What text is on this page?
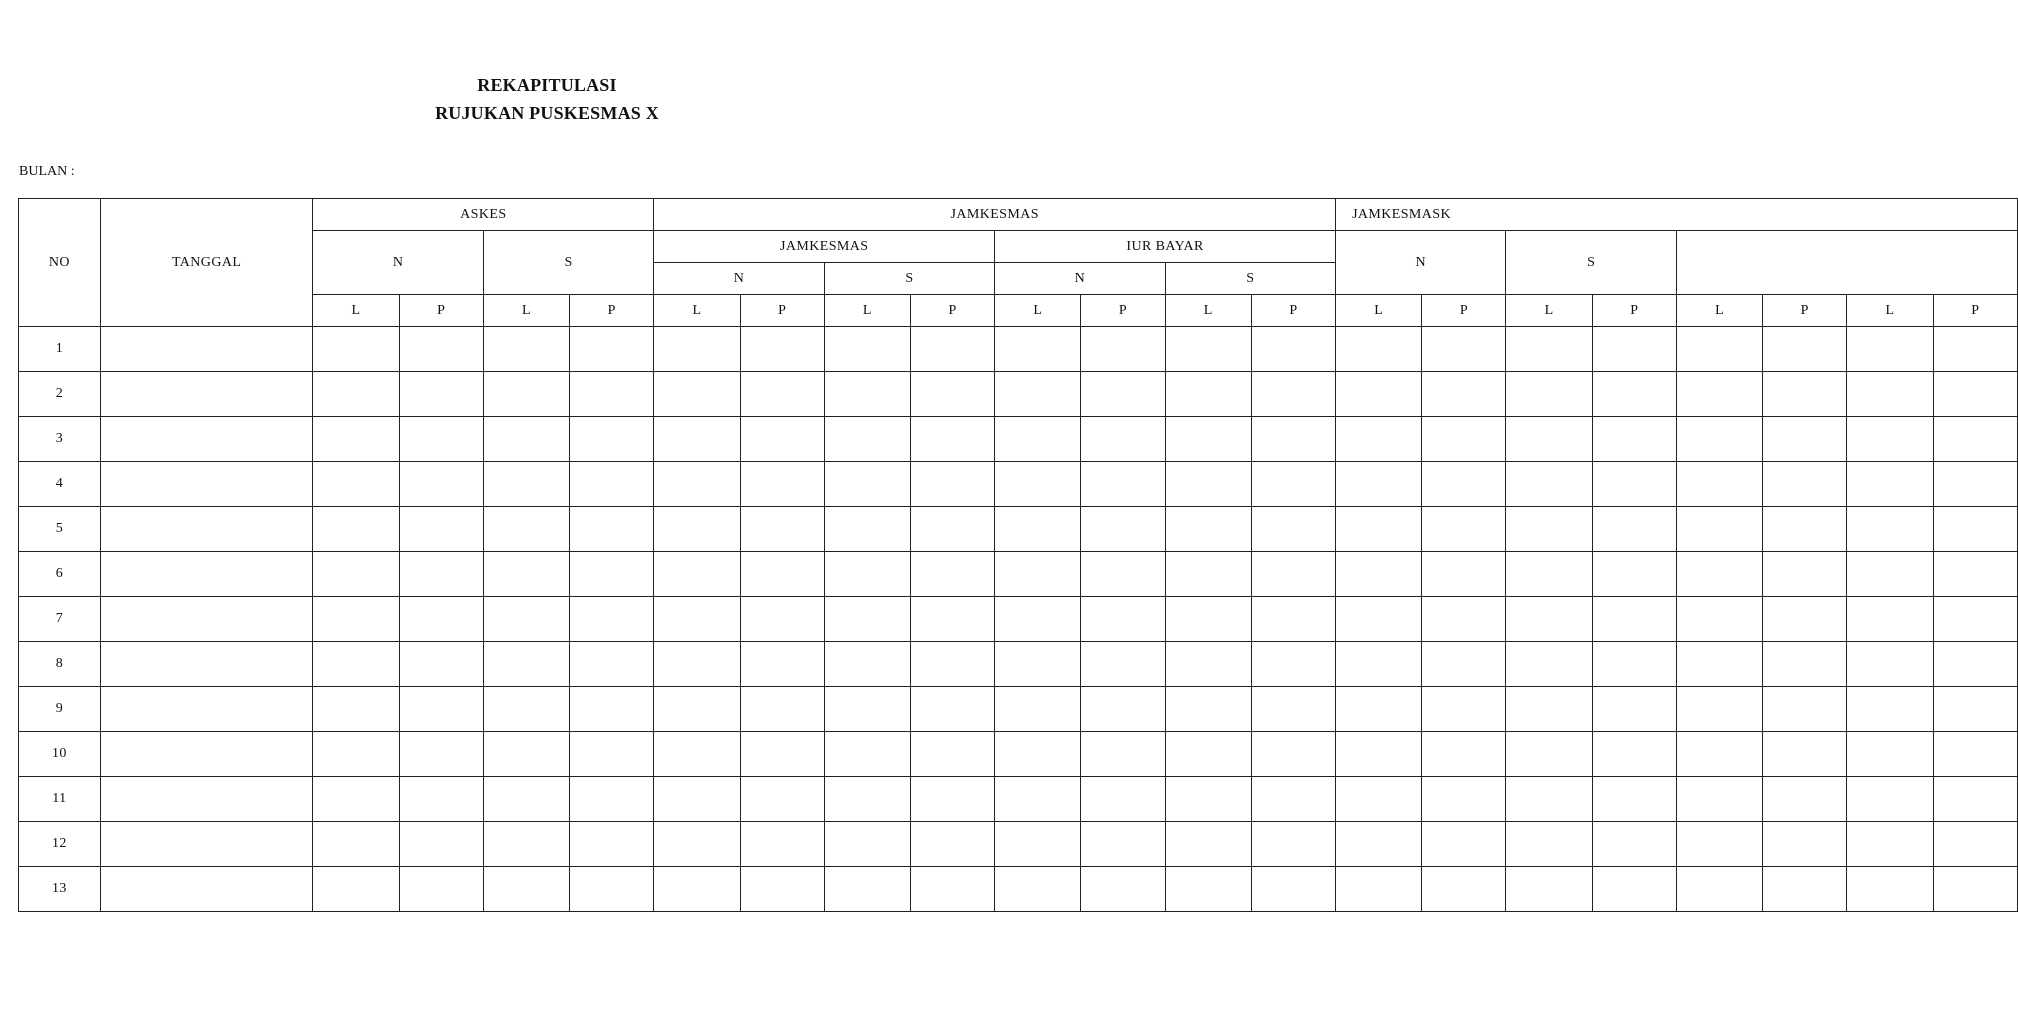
REKAPITULASI
RUJUKAN PUSKESMAS X
BULAN :
NO	TANGGAL	ASKES				JAMKESMAS								JAMKESMASK							
		N		S		JAMKESMAS				IUR BAYAR				N		S					
						N		S		N		S									
		L	P	L	P	L	P	L	P	L	P	L	P	L	P	L	P	L	P	L	P
1																					
2																					
3																					
4																					
5																					
6																					
7																					
8																					
9																					
10																					
11																					
12																					
13																					
